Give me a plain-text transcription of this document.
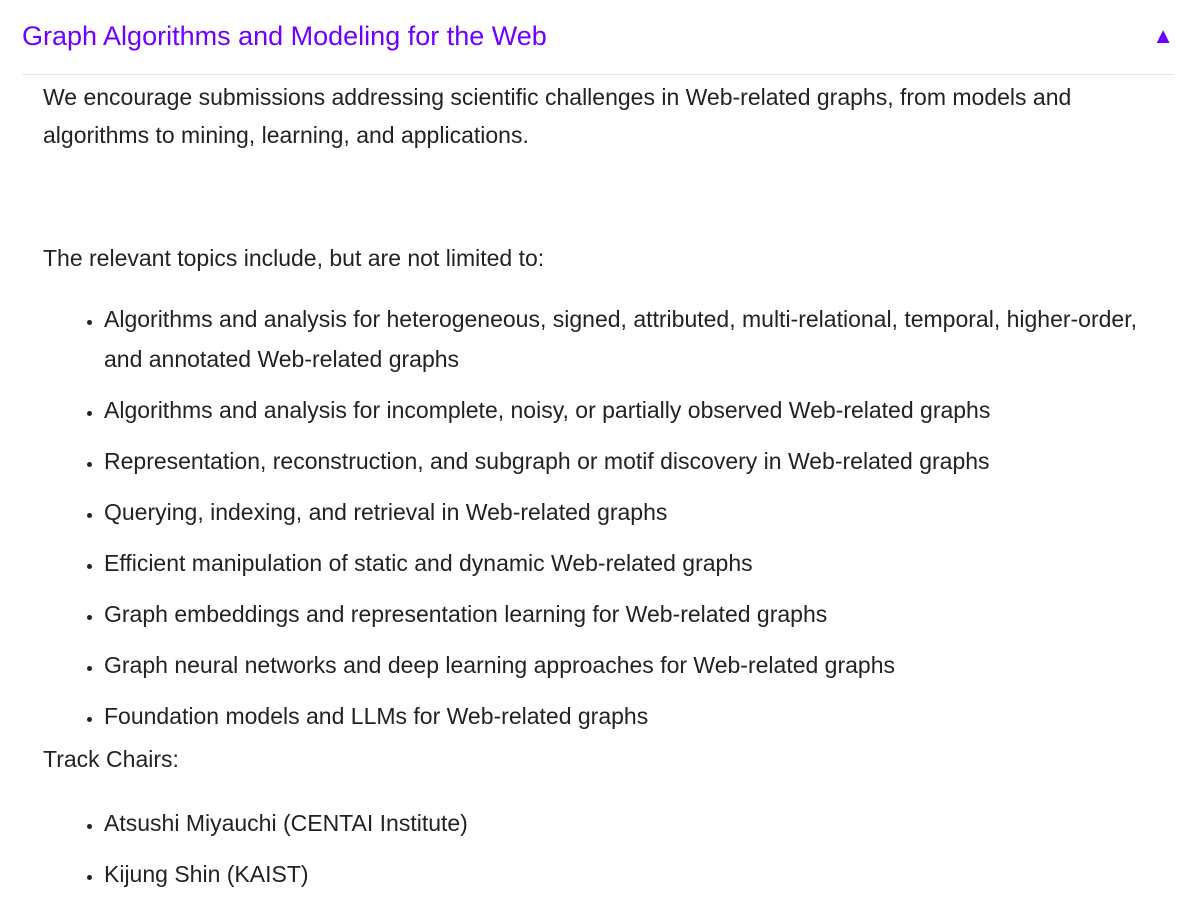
Graph Algorithms and Modeling for the Web	▲

We encourage submissions addressing scientific challenges in Web-related graphs, from models and algorithms to mining, learning, and applications.

The relevant topics include, but are not limited to:

• Algorithms and analysis for heterogeneous, signed, attributed, multi-relational, temporal, higher-order, and annotated Web-related graphs
• Algorithms and analysis for incomplete, noisy, or partially observed Web-related graphs
• Representation, reconstruction, and subgraph or motif discovery in Web-related graphs
• Querying, indexing, and retrieval in Web-related graphs
• Efficient manipulation of static and dynamic Web-related graphs
• Graph embeddings and representation learning for Web-related graphs
• Graph neural networks and deep learning approaches for Web-related graphs
• Foundation models and LLMs for Web-related graphs

Track Chairs:

• Atsushi Miyauchi (CENTAI Institute)
• Kijung Shin (KAIST)
